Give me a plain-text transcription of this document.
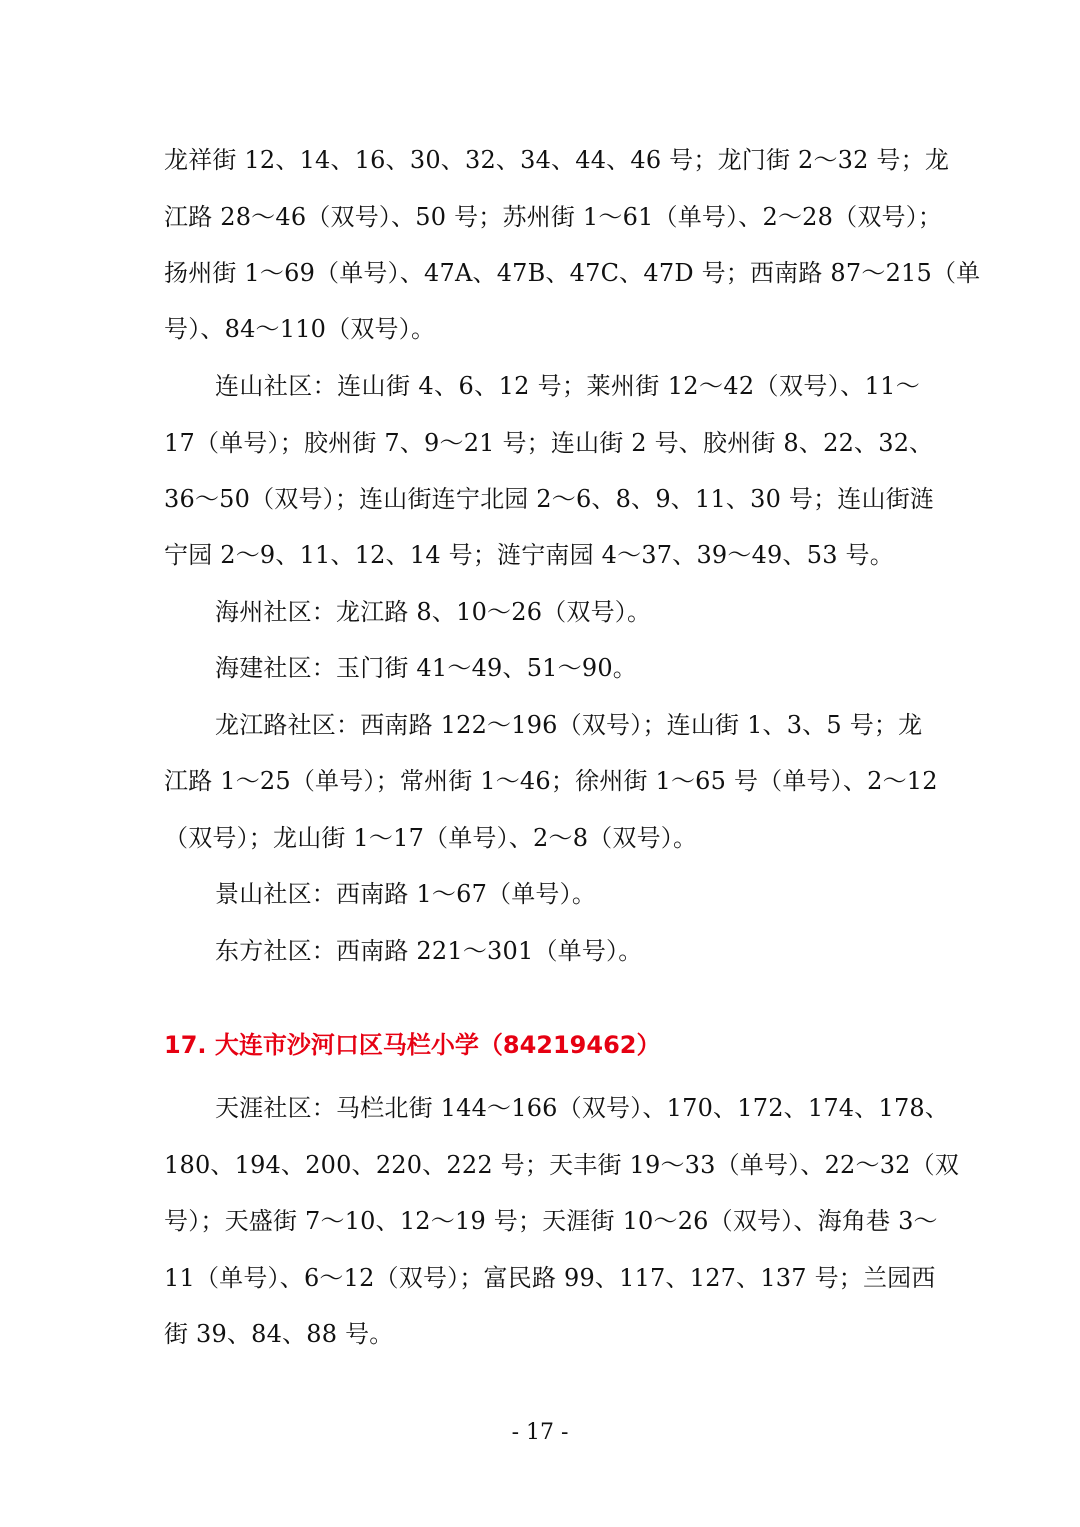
龙祥街 12、14、16、30、32、34、44、46 号；龙门街 2～32 号；龙
江路 28～46（双号）、50 号；苏州街 1～61（单号）、2～28（双号）；
扬州街 1～69（单号）、47A、47B、47C、47D 号；西南路 87～215（单
号）、84～110（双号）。
连山社区：连山街 4、6、12 号；莱州街 12～42（双号）、11～
17（单号）；胶州街 7、9～21 号；连山街 2 号、胶州街 8、22、32、
36～50（双号）；连山街连宁北园 2～6、8、9、11、30 号；连山街涟
宁园 2～9、11、12、14 号；涟宁南园 4～37、39～49、53 号。
海州社区：龙江路 8、10～26（双号）。
海建社区：玉门街 41～49、51～90。
龙江路社区：西南路 122～196（双号）；连山街 1、3、5 号；龙
江路 1～25（单号）；常州街 1～46；徐州街 1～65 号（单号）、2～12
（双号）；龙山街 1～17（单号）、2～8（双号）。
景山社区：西南路 1～67（单号）。
东方社区：西南路 221～301（单号）。
17. 大连市沙河口区马栏小学（84219462）
天涯社区：马栏北街 144～166（双号）、170、172、174、178、
180、194、200、220、222 号；天丰街 19～33（单号）、22～32（双
号）；天盛街 7～10、12～19 号；天涯街 10～26（双号）、海角巷 3～
11（单号）、6～12（双号）；富民路 99、117、127、137 号；兰园西
街 39、84、88 号。
- 17 -
